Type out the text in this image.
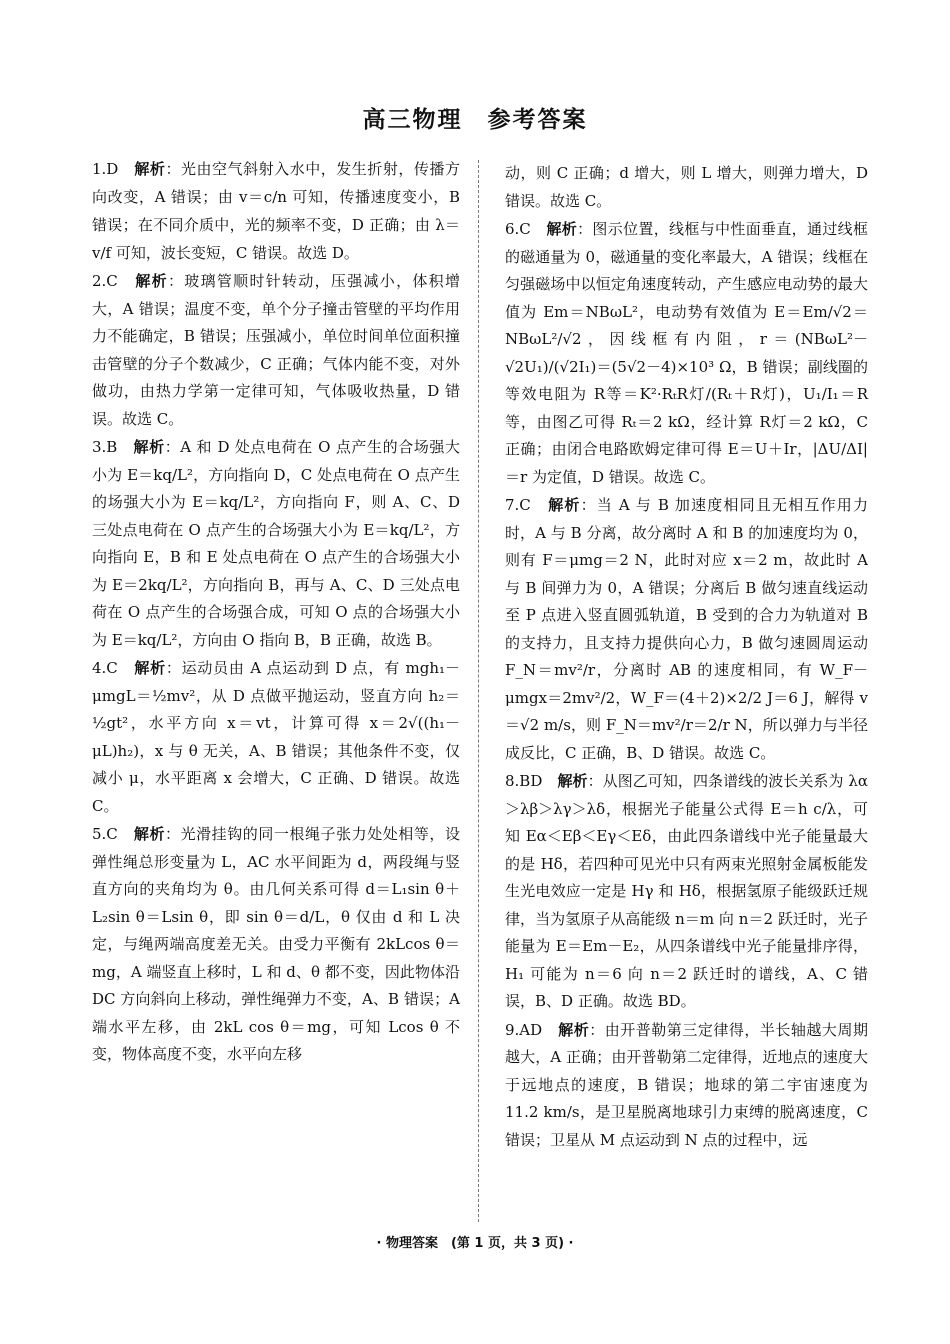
高三物理　参考答案

1.D　 解析：光由空气斜射入水中，发生折射，传播方向改变，A 错误；由 v＝c/n 可知，传播速度变小，B 错误；在不同介质中，光的频率不变，D 正确；由 λ＝v/f 可知，波长变短，C 错误。故选 D。

2.C　 解析：玻璃管顺时针转动，压强减小，体积增大，A 错误；温度不变，单个分子撞击管壁的平均作用力不能确定，B 错误；压强减小，单位时间单位面积撞击管壁的分子个数减少，C 正确；气体内能不变，对外做功，由热力学第一定律可知，气体吸收热量，D 错误。故选 C。

3.B　 解析：A 和 D 处点电荷在 O 点产生的合场强大小为 E＝kq/L²，方向指向 D，C 处点电荷在 O 点产生的场强大小为 E＝kq/L²，方向指向 F，则 A、C、D 三处点电荷在 O 点产生的合场强大小为 E＝kq/L²，方向指向 E，B 和 E 处点电荷在 O 点产生的合场强大小为 E＝2kq/L²，方向指向 B，再与 A、C、D 三处点电荷在 O 点产生的合场强合成，可知 O 点的合场强大小为 E＝kq/L²，方向由 O 指向 B，B 正确，故选 B。

4.C　 解析：运动员由 A 点运动到 D 点，有 mgh₁－μmgL＝½mv²，从 D 点做平抛运动，竖直方向 h₂＝½gt²，水平方向 x＝vt，计算可得 x＝2√((h₁－μL)h₂)，x 与 θ 无关，A、B 错误；其他条件不变，仅减小 μ，水平距离 x 会增大，C 正确、D 错误。故选 C。

5.C　 解析：光滑挂钩的同一根绳子张力处处相等，设弹性绳总形变量为 L，AC 水平间距为 d，两段绳与竖直方向的夹角均为 θ。由几何关系可得 d＝L₁sin θ＋L₂sin θ＝Lsin θ，即 sin θ＝d/L，θ 仅由 d 和 L 决定，与绳两端高度差无关。由受力平衡有 2kLcos θ＝mg，A 端竖直上移时，L 和 d、θ 都不变，因此物体沿 DC 方向斜向上移动，弹性绳弹力不变，A、B 错误；A 端水平左移，由 2kL cos θ＝mg，可知 Lcos θ 不变，物体高度不变，水平向左移

动，则 C 正确；d 增大，则 L 增大，则弹力增大，D 错误。故选 C。

6.C　 解析：图示位置，线框与中性面垂直，通过线框的磁通量为 0，磁通量的变化率最大，A 错误；线框在匀强磁场中以恒定角速度转动，产生感应电动势的最大值为 Em＝NBωL²，电动势有效值为 E＝Em/√2＝NBωL²/√2，因线框有内阻，r＝(NBωL²－√2U₁)/(√2I₁)＝(5√2－4)×10³ Ω，B 错误；副线圈的等效电阻为 R等＝K²·RₜR灯/(Rₜ＋R灯)，U₁/I₁＝R等，由图乙可得 Rₜ＝2 kΩ，经计算 R灯＝2 kΩ，C 正确；由闭合电路欧姆定律可得 E＝U＋Ir，|ΔU/ΔI|＝r 为定值，D 错误。故选 C。

7.C　 解析：当 A 与 B 加速度相同且无相互作用力时，A 与 B 分离，故分离时 A 和 B 的加速度均为 0，则有 F＝μmg＝2 N，此时对应 x＝2 m，故此时 A 与 B 间弹力为 0，A 错误；分离后 B 做匀速直线运动至 P 点进入竖直圆弧轨道，B 受到的合力为轨道对 B 的支持力，且支持力提供向心力，B 做匀速圆周运动 F_N＝mv²/r，分离时 AB 的速度相同，有 W_F－μmgx＝2mv²/2，W_F＝(4＋2)×2/2 J＝6 J，解得 v＝√2 m/s，则 F_N＝mv²/r＝2/r N，所以弹力与半径成反比，C 正确，B、D 错误。故选 C。

8.BD　 解析：从图乙可知，四条谱线的波长关系为 λα＞λβ＞λγ＞λδ，根据光子能量公式得 E＝h c/λ，可知 Eα＜Eβ＜Eγ＜Eδ，由此四条谱线中光子能量最大的是 Hδ，若四种可见光中只有两束光照射金属板能发生光电效应一定是 Hγ 和 Hδ，根据氢原子能级跃迁规律，当为氢原子从高能级 n＝m 向 n＝2 跃迁时，光子能量为 E＝Em－E₂，从四条谱线中光子能量排序得，H₁ 可能为 n＝6 向 n＝2 跃迁时的谱线，A、C 错误，B、D 正确。故选 BD。

9.AD　 解析：由开普勒第三定律得，半长轴越大周期越大，A 正确；由开普勒第二定律得，近地点的速度大于远地点的速度，B 错误；地球的第二宇宙速度为 11.2 km/s，是卫星脱离地球引力束缚的脱离速度，C 错误；卫星从 M 点运动到 N 点的过程中，远

· 物理答案　(第 1 页，共 3 页) ·
